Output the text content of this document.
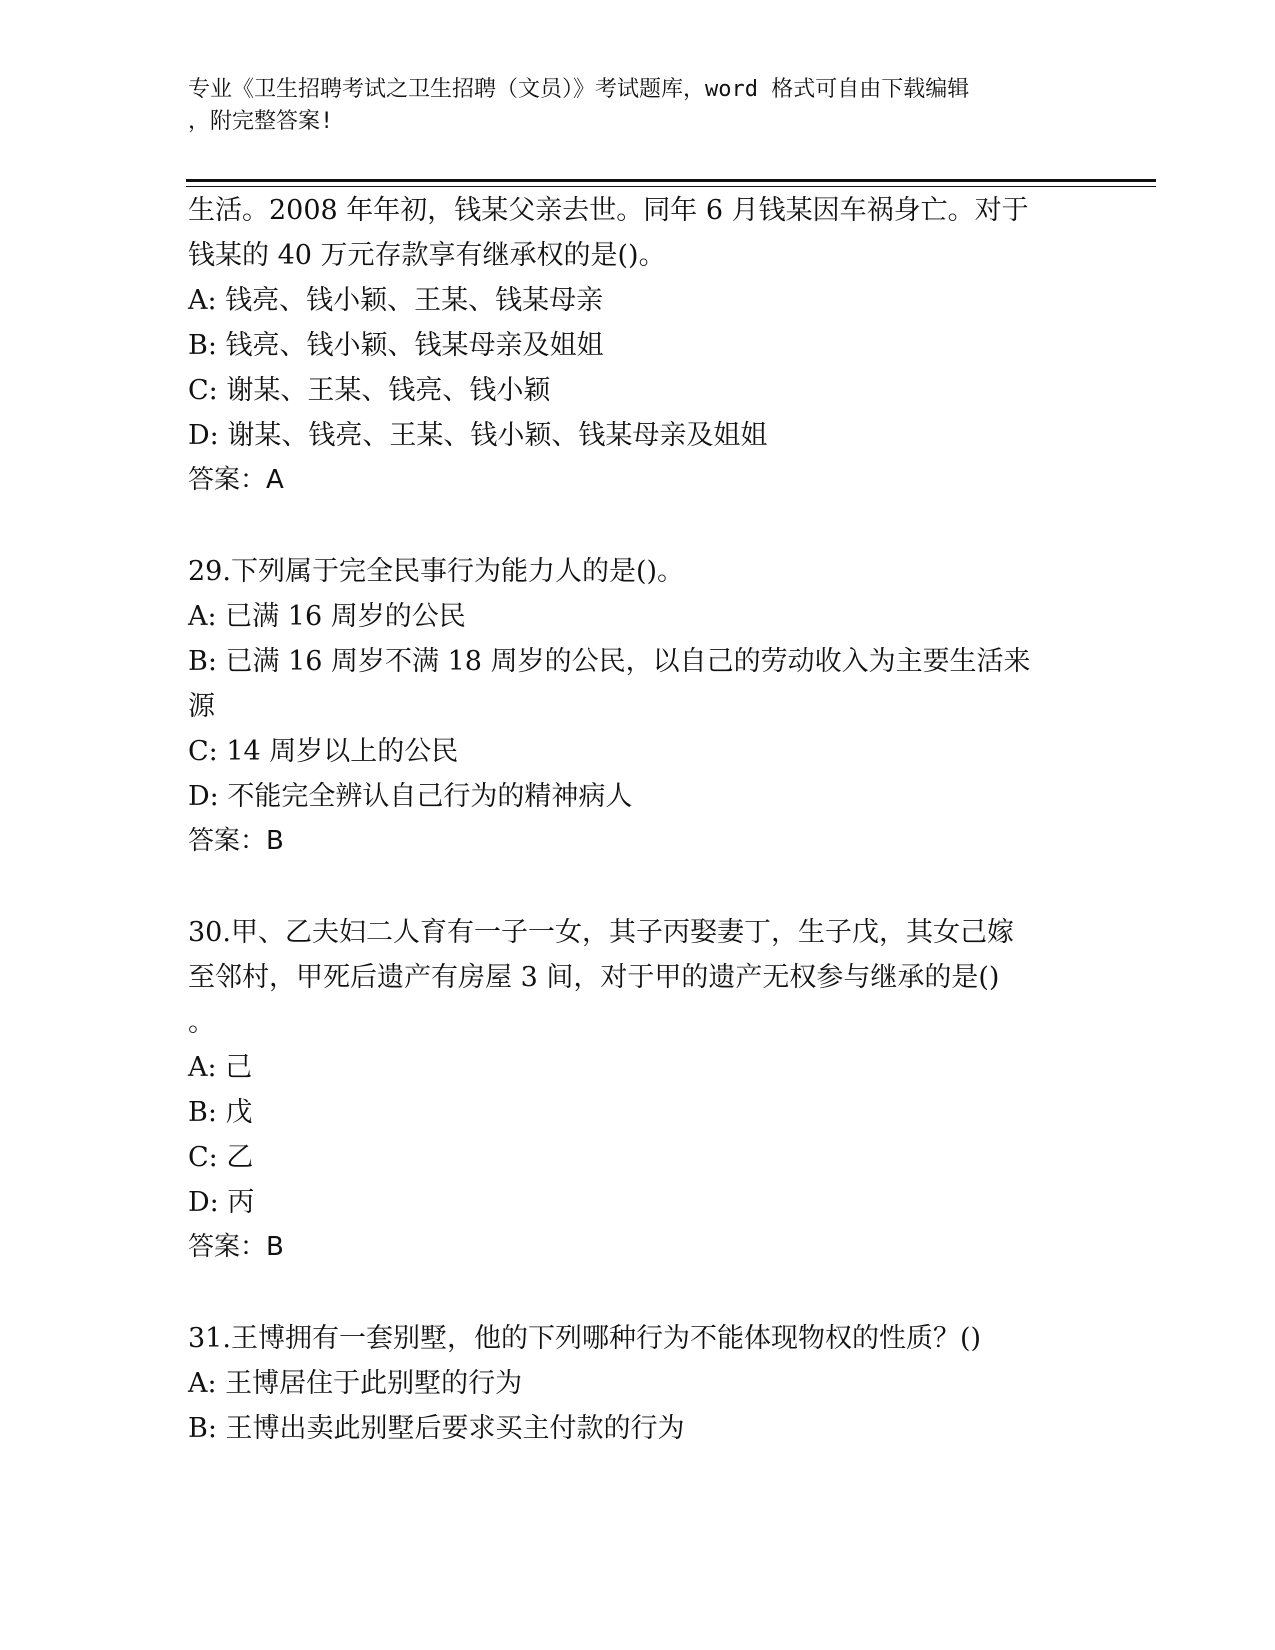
专业《卫生招聘考试之卫生招聘（文员）》考试题库，word 格式可自由下载编辑
，附完整答案!
生活。2008 年年初，钱某父亲去世。同年 6 月钱某因车祸身亡。对于
钱某的 40 万元存款享有继承权的是()。
A: 钱亮、钱小颖、王某、钱某母亲
B: 钱亮、钱小颖、钱某母亲及姐姐
C: 谢某、王某、钱亮、钱小颖
D: 谢某、钱亮、王某、钱小颖、钱某母亲及姐姐
答案：A
29.下列属于完全民事行为能力人的是()。
A: 已满 16 周岁的公民
B: 已满 16 周岁不满 18 周岁的公民，以自己的劳动收入为主要生活来
源
C: 14 周岁以上的公民
D: 不能完全辨认自己行为的精神病人
答案：B
30.甲、乙夫妇二人育有一子一女，其子丙娶妻丁，生子戊，其女己嫁
至邻村，甲死后遗产有房屋 3 间，对于甲的遗产无权参与继承的是()
。
A: 己
B: 戊
C: 乙
D: 丙
答案：B
31.王博拥有一套别墅，他的下列哪种行为不能体现物权的性质？()
A: 王博居住于此别墅的行为
B: 王博出卖此别墅后要求买主付款的行为
